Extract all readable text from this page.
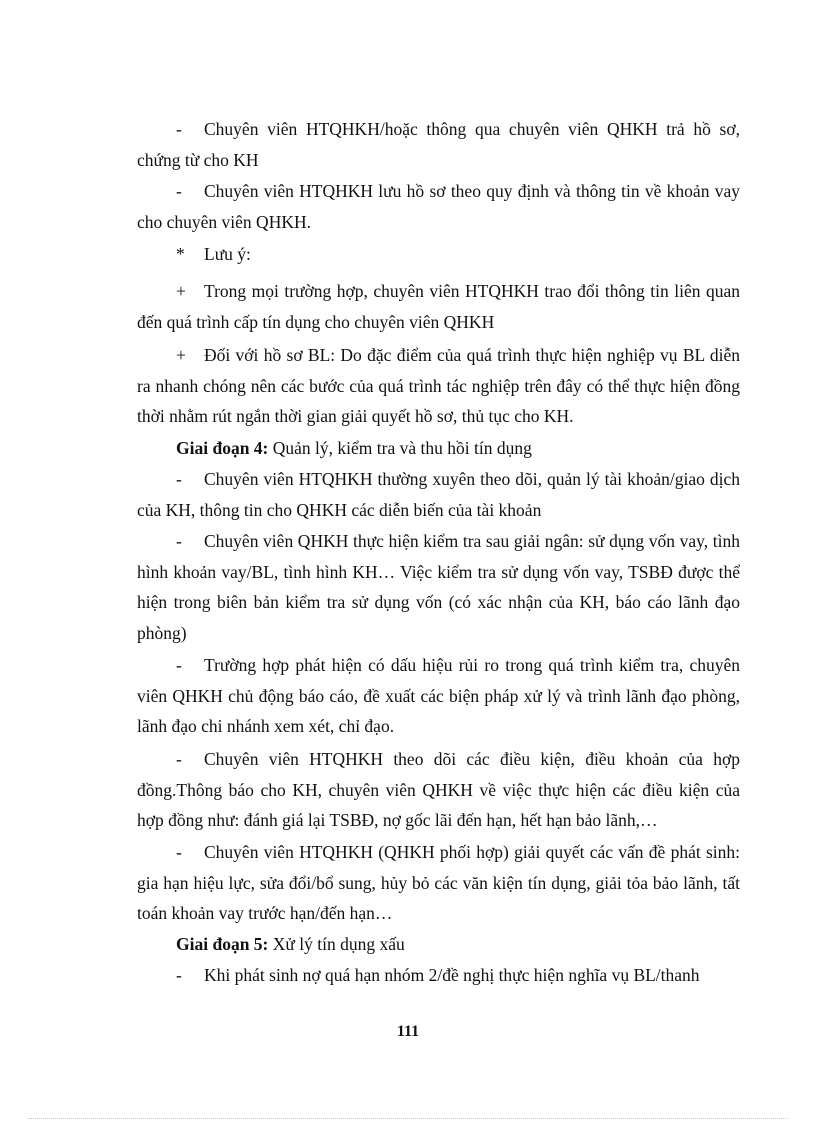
- Chuyên viên HTQHKH/hoặc thông qua chuyên viên QHKH trả hồ sơ, chứng từ cho KH

- Chuyên viên HTQHKH lưu hồ sơ theo quy định và thông tin về khoản vay cho chuyên viên QHKH.

* Lưu ý:

+ Trong mọi trường hợp, chuyên viên HTQHKH trao đổi thông tin liên quan đến quá trình cấp tín dụng cho chuyên viên QHKH

+ Đối với hồ sơ BL: Do đặc điểm của quá trình thực hiện nghiệp vụ BL diễn ra nhanh chóng nên các bước của quá trình tác nghiệp trên đây có thể thực hiện đồng thời nhằm rút ngắn thời gian giải quyết hồ sơ, thủ tục cho KH.

Giai đoạn 4: Quản lý, kiểm tra và thu hồi tín dụng

- Chuyên viên HTQHKH thường xuyên theo dõi, quản lý tài khoản/giao dịch của KH, thông tin cho QHKH các diễn biến của tài khoản

- Chuyên viên QHKH thực hiện kiểm tra sau giải ngân: sử dụng vốn vay, tình hình khoản vay/BL, tình hình KH… Việc kiểm tra sử dụng vốn vay, TSBĐ được thể hiện trong biên bản kiểm tra sử dụng vốn (có xác nhận của KH, báo cáo lãnh đạo phòng)

- Trường hợp phát hiện có dấu hiệu rủi ro trong quá trình kiểm tra, chuyên viên QHKH chủ động báo cáo, đề xuất các biện pháp xử lý và trình lãnh đạo phòng, lãnh đạo chi nhánh xem xét, chỉ đạo.

- Chuyên viên HTQHKH theo dõi các điều kiện, điều khoản của hợp đồng.Thông báo cho KH, chuyên viên QHKH về việc thực hiện các điều kiện của hợp đồng như: đánh giá lại TSBĐ, nợ gốc lãi đến hạn, hết hạn bảo lãnh,…

- Chuyên viên HTQHKH (QHKH phối hợp) giải quyết các vấn đề phát sinh: gia hạn hiệu lực, sửa đổi/bổ sung, hủy bỏ các văn kiện tín dụng, giải tỏa bảo lãnh, tất toán khoản vay trước hạn/đến hạn…

Giai đoạn 5: Xử lý tín dụng xấu

- Khi phát sinh nợ quá hạn nhóm 2/đề nghị thực hiện nghĩa vụ BL/thanh

111
